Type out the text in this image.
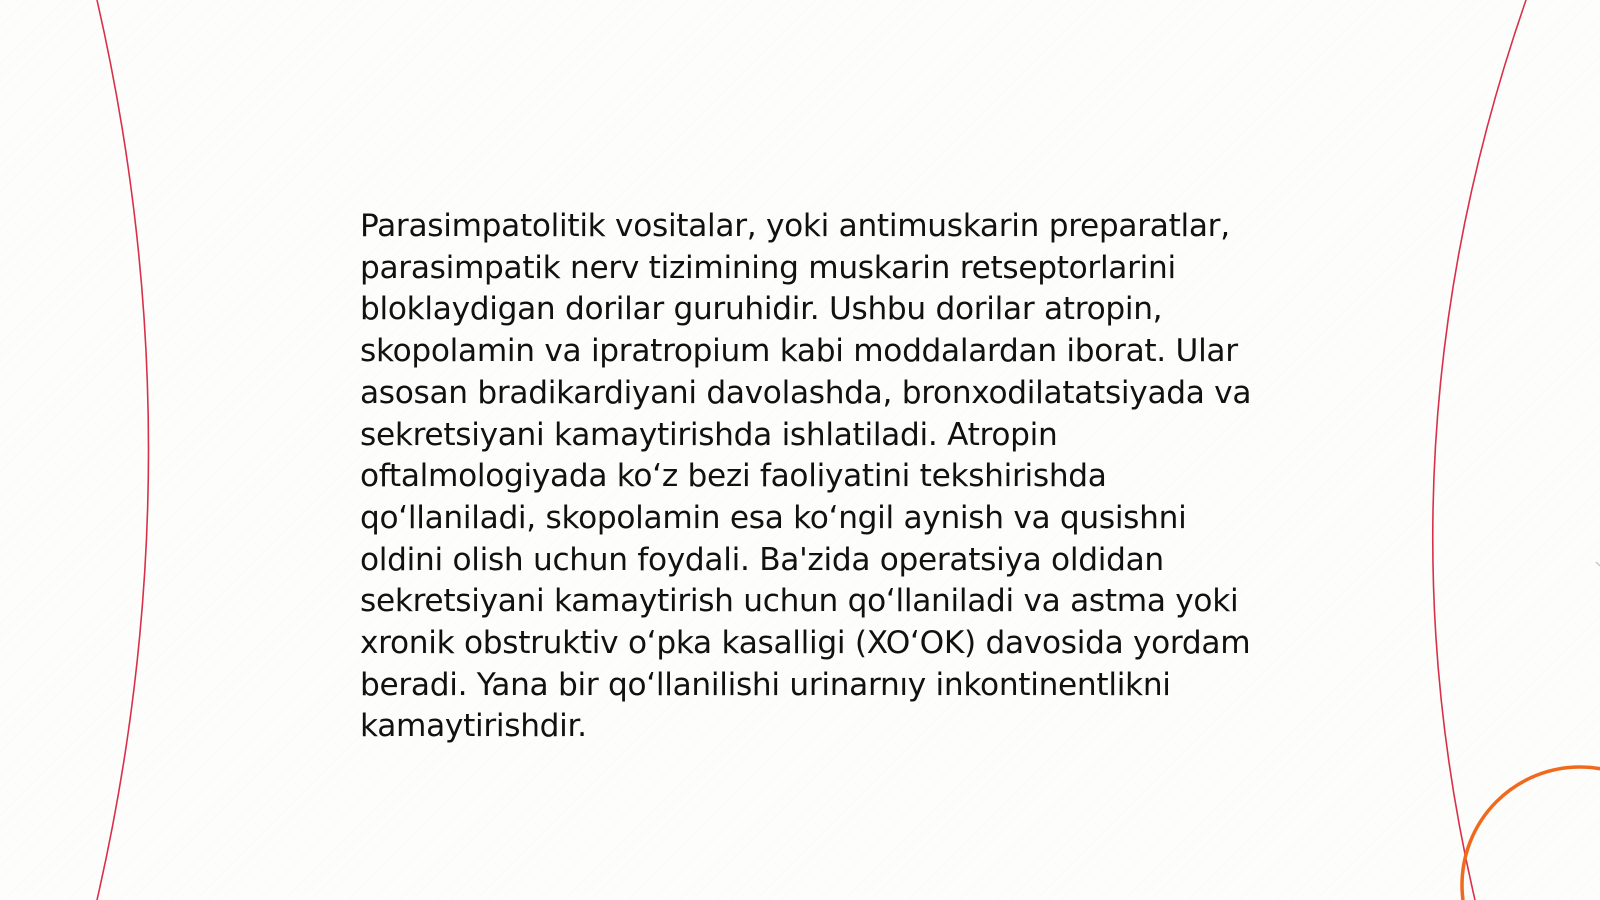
Parasimpatolitik vositalar, yoki antimuskarin preparatlar, parasimpatik nerv tizimining muskarin retseptorlarini bloklaydigan dorilar guruhidir. Ushbu dorilar atropin, skopolamin va ipratropium kabi moddalardan iborat. Ular asosan bradikardiyani davolashda, bronxodilatatsiyada va sekretsiyani kamaytirishda ishlatiladi. Atropin oftalmologiyada ko‘z bezi faoliyatini tekshirishda qo‘llaniladi, skopolamin esa ko‘ngil aynish va qusishni oldini olish uchun foydali. Ba'zida operatsiya oldidan sekretsiyani kamaytirish uchun qo‘llaniladi va astma yoki xronik obstruktiv o‘pka kasalligi (XO‘OK) davosida yordam beradi. Yana bir qo‘llanilishi urinarnıy inkontinentlikni kamaytirishdir.
